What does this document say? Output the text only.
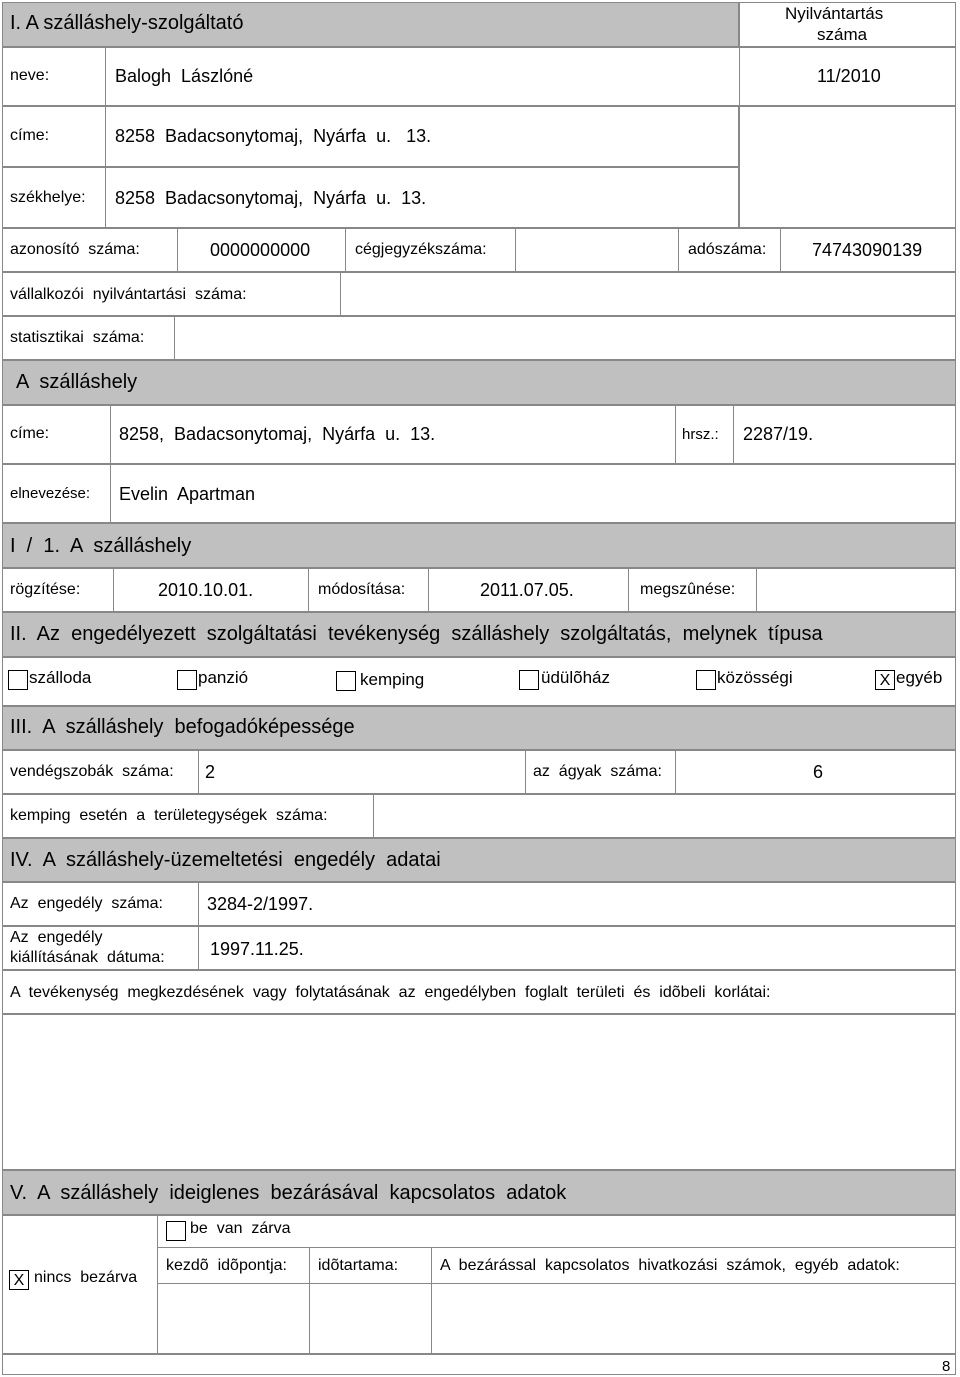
I. A szálláshely-szolgáltató	Nyilvántartás
száma
neve:	Balogh  Lászlóné	11/2010
címe:	8258  Badacsonytomaj,  Nyárfa  u.   13.
székhelye: 8258  Badacsonytomaj,  Nyárfa  u.  13.
azonosító  száma:	0000000000	cégjegyzékszáma:	adószáma:	74743090139
vállalkozói  nyilvántartási  száma:
statisztikai  száma:
A  szálláshely
címe:	8258,  Badacsonytomaj,  Nyárfa  u.  13.	hrsz.: 2287/19.
elnevezése: Evelin  Apartman
I  /  1.  A  szálláshely
rögzítése:	2010.10.01.	módosítása:	2011.07.05.	megszûnése:
II.  Az  engedélyezett  szolgáltatási  tevékenység  szálláshely  szolgáltatás,  melynek  típusa
szálloda	panzió	kemping	üdülõház	közösségi	X egyéb
III.  A  szálláshely  befogadóképessége
vendégszobák  száma: 2	az  ágyak  száma:	6
kemping  esetén  a  területegységek  száma:
IV.  A  szálláshely-üzemeltetési  engedély  adatai
Az  engedély  száma: 3284-2/1997.
Az  engedély
kiállításának  dátuma:	1997.11.25.
A  tevékenység  megkezdésének  vagy  folytatásának  az  engedélyben  foglalt  területi  és  idõbeli  korlátai:
V.  A  szálláshely  ideiglenes  bezárásával  kapcsolatos  adatok
be  van  zárva
X nincs  bezárva
kezdõ  idõpontja: idõtartama:	A  bezárással  kapcsolatos  hivatkozási  számok,  egyéb  adatok:
8
